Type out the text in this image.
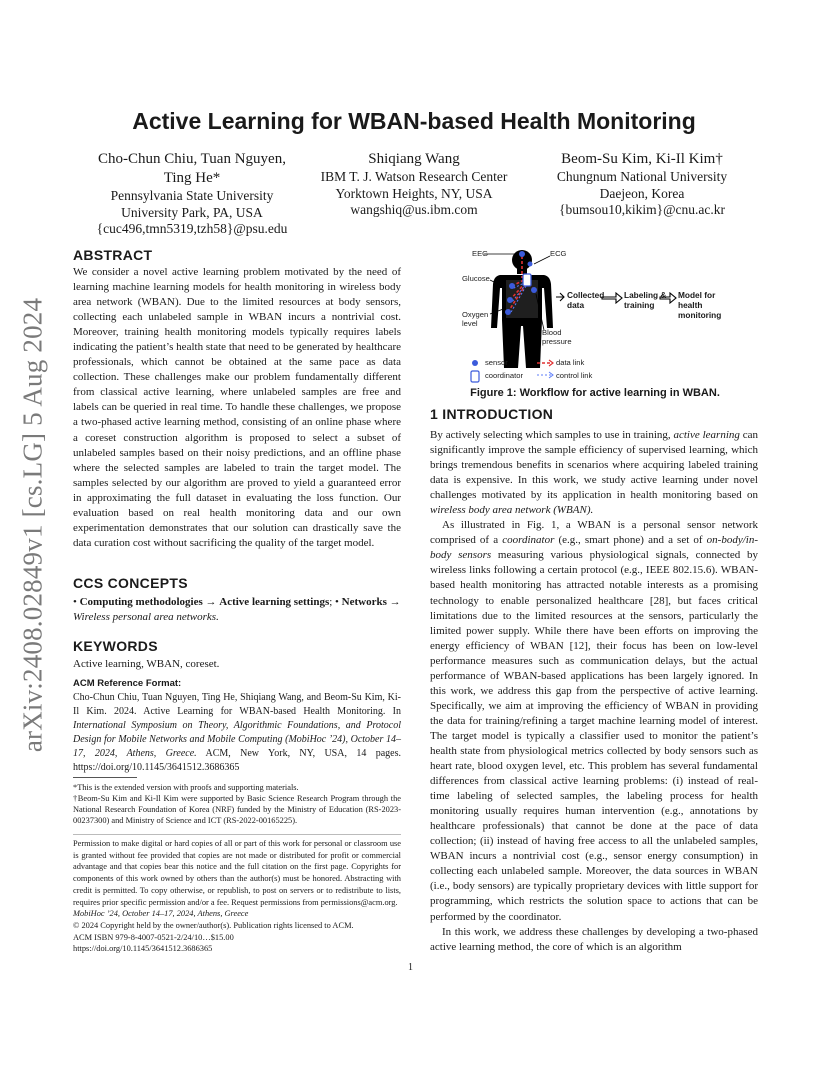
arXiv:2408.02849v1 [cs.LG] 5 Aug 2024
Active Learning for WBAN-based Health Monitoring
Cho-Chun Chiu, Tuan Nguyen,
Ting He*
Pennsylvania State University
University Park, PA, USA
{cuc496,tmn5319,tzh58}@psu.edu
Shiqiang Wang
IBM T. J. Watson Research Center
Yorktown Heights, NY, USA
wangshiq@us.ibm.com
Beom-Su Kim, Ki-Il Kim†
Chungnum National University
Daejeon, Korea
{bumsou10,kikim}@cnu.ac.kr
ABSTRACT

We consider a novel active learning problem motivated by the need of learning machine learning models for health monitoring in wireless body area network (WBAN). Due to the limited resources at body sensors, collecting each unlabeled sample in WBAN incurs a nontrivial cost. Moreover, training health monitoring models typically requires labels indicating the patient’s health state that need to be generated by healthcare professionals, which cannot be obtained at the same pace as data collection. These challenges make our problem fundamentally different from classical active learning, where unlabeled samples are free and labels can be queried in real time. To handle these challenges, we propose a two-phased active learning method, consisting of an online phase where a coreset construction algorithm is proposed to select a subset of unlabeled samples based on their noisy predictions, and an offline phase where the selected samples are labeled to train the target model. The samples selected by our algorithm are proved to yield a guaranteed error in approximating the full dataset in evaluating the loss function. Our evaluation based on real health monitoring data and our own experimentation demonstrates that our solution can drastically save the data curation cost without sacrificing the quality of the target model.

CCS CONCEPTS
• Computing methodologies → Active learning settings; • Networks → Wireless personal area networks.
KEYWORDS
Active learning, WBAN, coreset.
ACM Reference Format:
Cho-Chun Chiu, Tuan Nguyen, Ting He, Shiqiang Wang, and Beom-Su Kim, Ki-Il Kim. 2024. Active Learning for WBAN-based Health Monitoring. In International Symposium on Theory, Algorithmic Foundations, and Protocol Design for Mobile Networks and Mobile Computing (MobiHoc ’24), October 14–17, 2024, Athens, Greece. ACM, New York, NY, USA, 14 pages. https://doi.org/10.1145/3641512.3686365

*This is the extended version with proofs and supporting materials.

†Beom-Su Kim and Ki-Il Kim were supported by Basic Science Research Program through the National Research Foundation of Korea (NRF) funded by the Ministry of Education (RS-2023-00237300) and Ministry of Science and ICT (RS-2022-00165225).

Permission to make digital or hard copies of all or part of this work for personal or classroom use is granted without fee provided that copies are not made or distributed for profit or commercial advantage and that copies bear this notice and the full citation on the first page. Copyrights for components of this work owned by others than the author(s) must be honored. Abstracting with credit is permitted. To copy otherwise, or republish, to post on servers or to redistribute to lists, requires prior specific permission and/or a fee. Request permissions from permissions@acm.org.

MobiHoc ’24, October 14–17, 2024, Athens, Greece

© 2024 Copyright held by the owner/author(s). Publication rights licensed to ACM.

ACM ISBN 979-8-4007-0521-2/24/10…$15.00

https://doi.org/10.1145/3641512.3686365

EEG	ECG
Glucose
Oxygen level
Blood pressure
Collected data
Labeling & training
Model for health monitoring
sensor
coordinator
data link
control link
Figure 1: Workflow for active learning in WBAN.
1 INTRODUCTION

By actively selecting which samples to use in training, active learning can significantly improve the sample efficiency of supervised learning, which brings tremendous benefits in scenarios where acquiring labeled training data is expensive. In this work, we study active learning under novel challenges motivated by its application in health monitoring based on wireless body area network (WBAN).

As illustrated in Fig. 1, a WBAN is a personal sensor network comprised of a coordinator (e.g., smart phone) and a set of on-body/in-body sensors measuring various physiological signals, connected by wireless links following a certain protocol (e.g., IEEE 802.15.6). WBAN-based health monitoring has attracted notable interests as a promising technology to enable personalized healthcare [28], but faces critical limitations due to the limited resources at the sensors, particularly the limited power supply. While there have been efforts on improving the energy efficiency of WBAN [12], their focus has been on low-level performance measures such as communication delays, but the actual performance of WBAN-based applications has been largely ignored. In this work, we address this gap from the perspective of active learning. Specifically, we aim at improving the efficiency of WBAN in providing the data for training/refining a target machine learning model of interest. The target model is typically a classifier used to monitor the patient’s health state from physiological metrics collected by body sensors such as heart rate, blood oxygen level, etc. This problem has several fundamental differences from classical active learning problems: (i) instead of real-time labeling of selected samples, the labeling process for health monitoring usually requires human intervention (e.g., annotations by healthcare professionals) that cannot be done at the pace of data collection; (ii) instead of having free access to all the unlabeled samples, WBAN incurs a nontrivial cost (e.g., sensor energy consumption) in collecting each unlabeled sample. Moreover, the data sources in WBAN (i.e., body sensors) are typically proprietary devices with little support for programming, which restricts the solution space to actions that can be performed by the coordinator.

In this work, we address these challenges by developing a two-phased active learning method, the core of which is an algorithm

1
